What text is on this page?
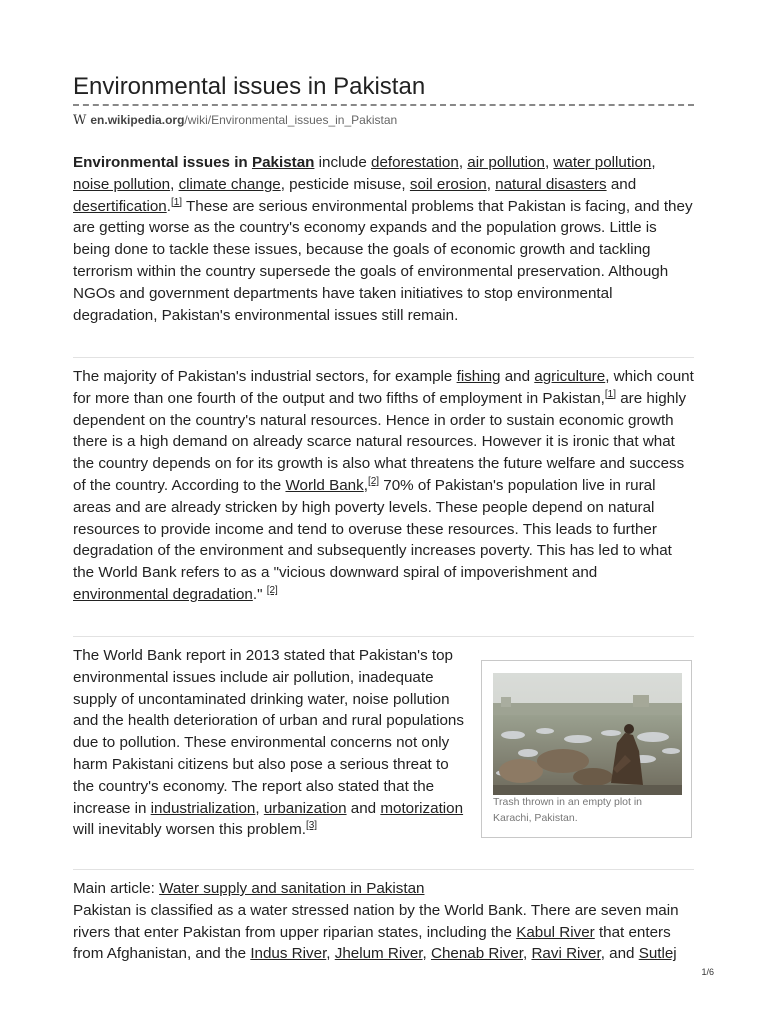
Environmental issues in Pakistan
W en.wikipedia.org/wiki/Environmental_issues_in_Pakistan

Environmental issues in Pakistan include deforestation, air pollution, water pollution, noise pollution, climate change, pesticide misuse, soil erosion, natural disasters and desertification.[1] These are serious environmental problems that Pakistan is facing, and they are getting worse as the country's economy expands and the population grows. Little is being done to tackle these issues, because the goals of economic growth and tackling terrorism within the country supersede the goals of environmental preservation. Although NGOs and government departments have taken initiatives to stop environmental degradation, Pakistan's environmental issues still remain.

The majority of Pakistan's industrial sectors, for example fishing and agriculture, which count for more than one fourth of the output and two fifths of employment in Pakistan,[1] are highly dependent on the country's natural resources. Hence in order to sustain economic growth there is a high demand on already scarce natural resources. However it is ironic that what the country depends on for its growth is also what threatens the future welfare and success of the country. According to the World Bank,[2] 70% of Pakistan's population live in rural areas and are already stricken by high poverty levels. These people depend on natural resources to provide income and tend to overuse these resources. This leads to further degradation of the environment and subsequently increases poverty. This has led to what the World Bank refers to as a "vicious downward spiral of impoverishment and environmental degradation." [2]

The World Bank report in 2013 stated that Pakistan's top environmental issues include air pollution, inadequate supply of uncontaminated drinking water, noise pollution and the health deterioration of urban and rural populations due to pollution. These environmental concerns not only harm Pakistani citizens but also pose a serious threat to the country's economy. The report also stated that the increase in industrialization, urbanization and motorization will inevitably worsen this problem.[3]

Trash thrown in an empty plot in Karachi, Pakistan.

Main article: Water supply and sanitation in Pakistan
Pakistan is classified as a water stressed nation by the World Bank. There are seven main rivers that enter Pakistan from upper riparian states, including the Kabul River that enters from Afghanistan, and the Indus River, Jhelum River, Chenab River, Ravi River, and Sutlej

1/6
